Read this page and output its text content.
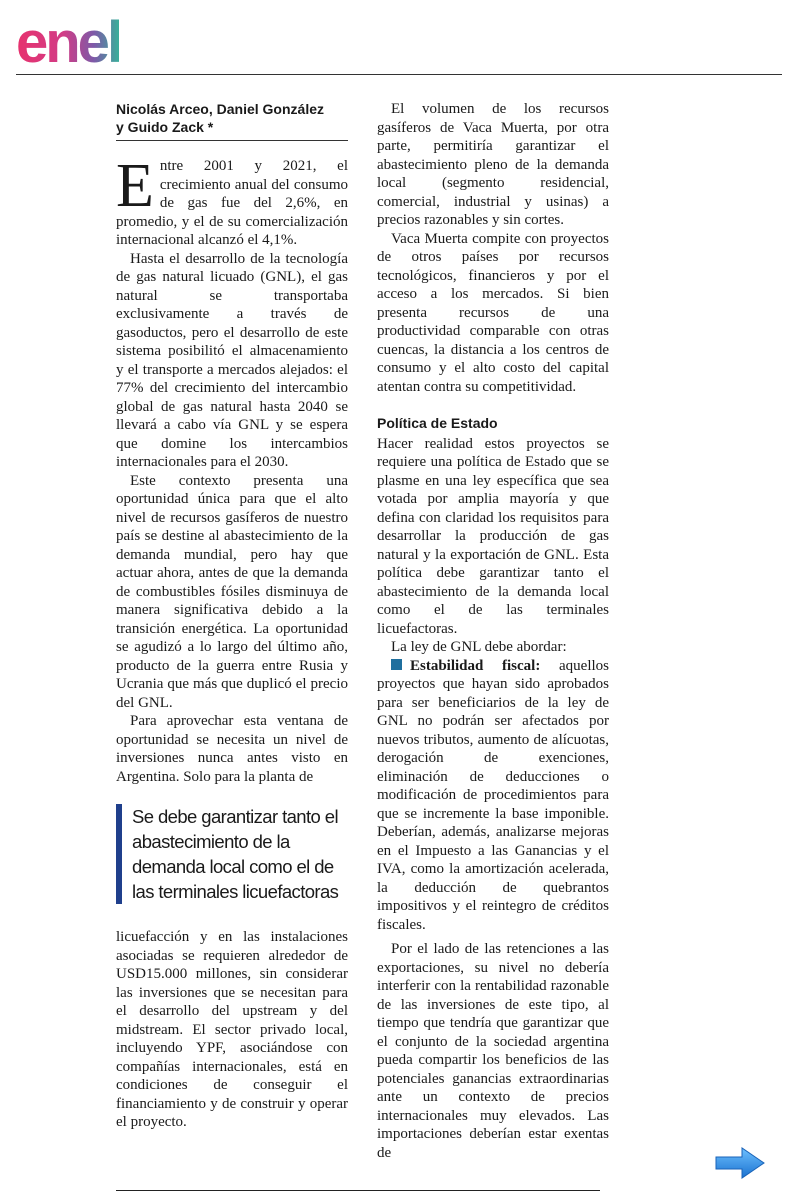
enel
Nicolás Arceo, Daniel González
y Guido Zack *

Entre 2001 y 2021, el crecimiento anual del consumo de gas fue del 2,6%, en promedio, y el de su comercialización internacional alcanzó el 4,1%.

Hasta el desarrollo de la tecnología de gas natural licuado (GNL), el gas natural se transportaba exclusivamente a través de gasoductos, pero el desarrollo de este sistema posibilitó el almacenamiento y el transporte a mercados alejados: el 77% del crecimiento del intercambio global de gas natural hasta 2040 se llevará a cabo vía GNL y se espera que domine los intercambios internacionales para el 2030.

Este contexto presenta una oportunidad única para que el alto nivel de recursos gasíferos de nuestro país se destine al abastecimiento de la demanda mundial, pero hay que actuar ahora, antes de que la demanda de combustibles fósiles disminuya de manera significativa debido a la transición energética. La oportunidad se agudizó a lo largo del último año, producto de la guerra entre Rusia y Ucrania que más que duplicó el precio del GNL.

Para aprovechar esta ventana de oportunidad se necesita un nivel de inversiones nunca antes visto en Argentina. Solo para la planta de

Se debe garantizar tanto el abastecimiento de la demanda local como el de las terminales licuefactoras

licuefacción y en las instalaciones asociadas se requieren alrededor de USD15.000 millones, sin considerar las inversiones que se necesitan para el desarrollo del upstream y del midstream. El sector privado local, incluyendo YPF, asociándose con compañías internacionales, está en condiciones de conseguir el financiamiento y de construir y operar el proyecto.

El volumen de los recursos gasíferos de Vaca Muerta, por otra parte, permitiría garantizar el abastecimiento pleno de la demanda local (segmento residencial, comercial, industrial y usinas) a precios razonables y sin cortes.

Vaca Muerta compite con proyectos de otros países por recursos tecnológicos, financieros y por el acceso a los mercados. Si bien presenta recursos de una productividad comparable con otras cuencas, la distancia a los centros de consumo y el alto costo del capital atentan contra su competitividad.

Política de Estado

Hacer realidad estos proyectos se requiere una política de Estado que se plasme en una ley específica que sea votada por amplia mayoría y que defina con claridad los requisitos para desarrollar la producción de gas natural y la exportación de GNL. Esta política debe garantizar tanto el abastecimiento de la demanda local como el de las terminales licuefactoras.

La ley de GNL debe abordar:

Estabilidad fiscal: aquellos proyectos que hayan sido aprobados para ser beneficiarios de la ley de GNL no podrán ser afectados por nuevos tributos, aumento de alícuotas, derogación de exenciones, eliminación de deducciones o modificación de procedimientos para que se incremente la base imponible. Deberían, además, analizarse mejoras en el Impuesto a las Ganancias y el IVA, como la amortización acelerada, la deducción de quebrantos impositivos y el reintegro de créditos fiscales.

Por el lado de las retenciones a las exportaciones, su nivel no debería interferir con la rentabilidad razonable de las inversiones de este tipo, al tiempo que tendría que garantizar que el conjunto de la sociedad argentina pueda compartir los beneficios de las potenciales ganancias extraordinarias ante un contexto de precios internacionales muy elevados. Las importaciones deberían estar exentas de
